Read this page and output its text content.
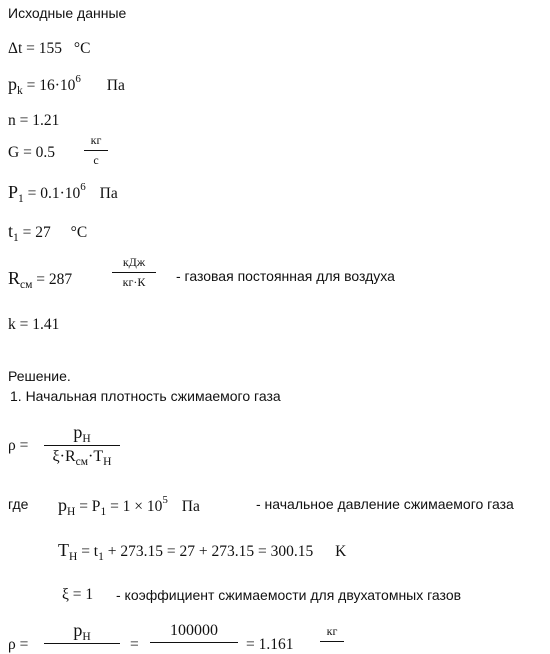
Исходные данные
Δt = 155 °C
$p_k = 16\cdot 10^6$ Па
n = 1.21
G = 0.5
кг
с
$P_1 = 0.1\cdot 10^6$ Па
$t_1 = 27$ °C
$R_{см} = 287$
кДж
кг·К	- газовая постоянная для воздуха
k = 1.41
Решение.
1. Начальная плотность сжимаемого газа
ρ =
$p_H$
$\xi\cdot R_{см}\cdot T_H$
где $p_H = P_1 = 1 \times 10^5$ Па	- начальное давление сжимаемого газа
$T_H = t_1 + 273.15 = 27 + 273.15 = 300.15$ K
ξ = 1 - коэффициент сжимаемости для двухатомных газов
ρ =
$p_H$	=
100000
= 1.161
кг
